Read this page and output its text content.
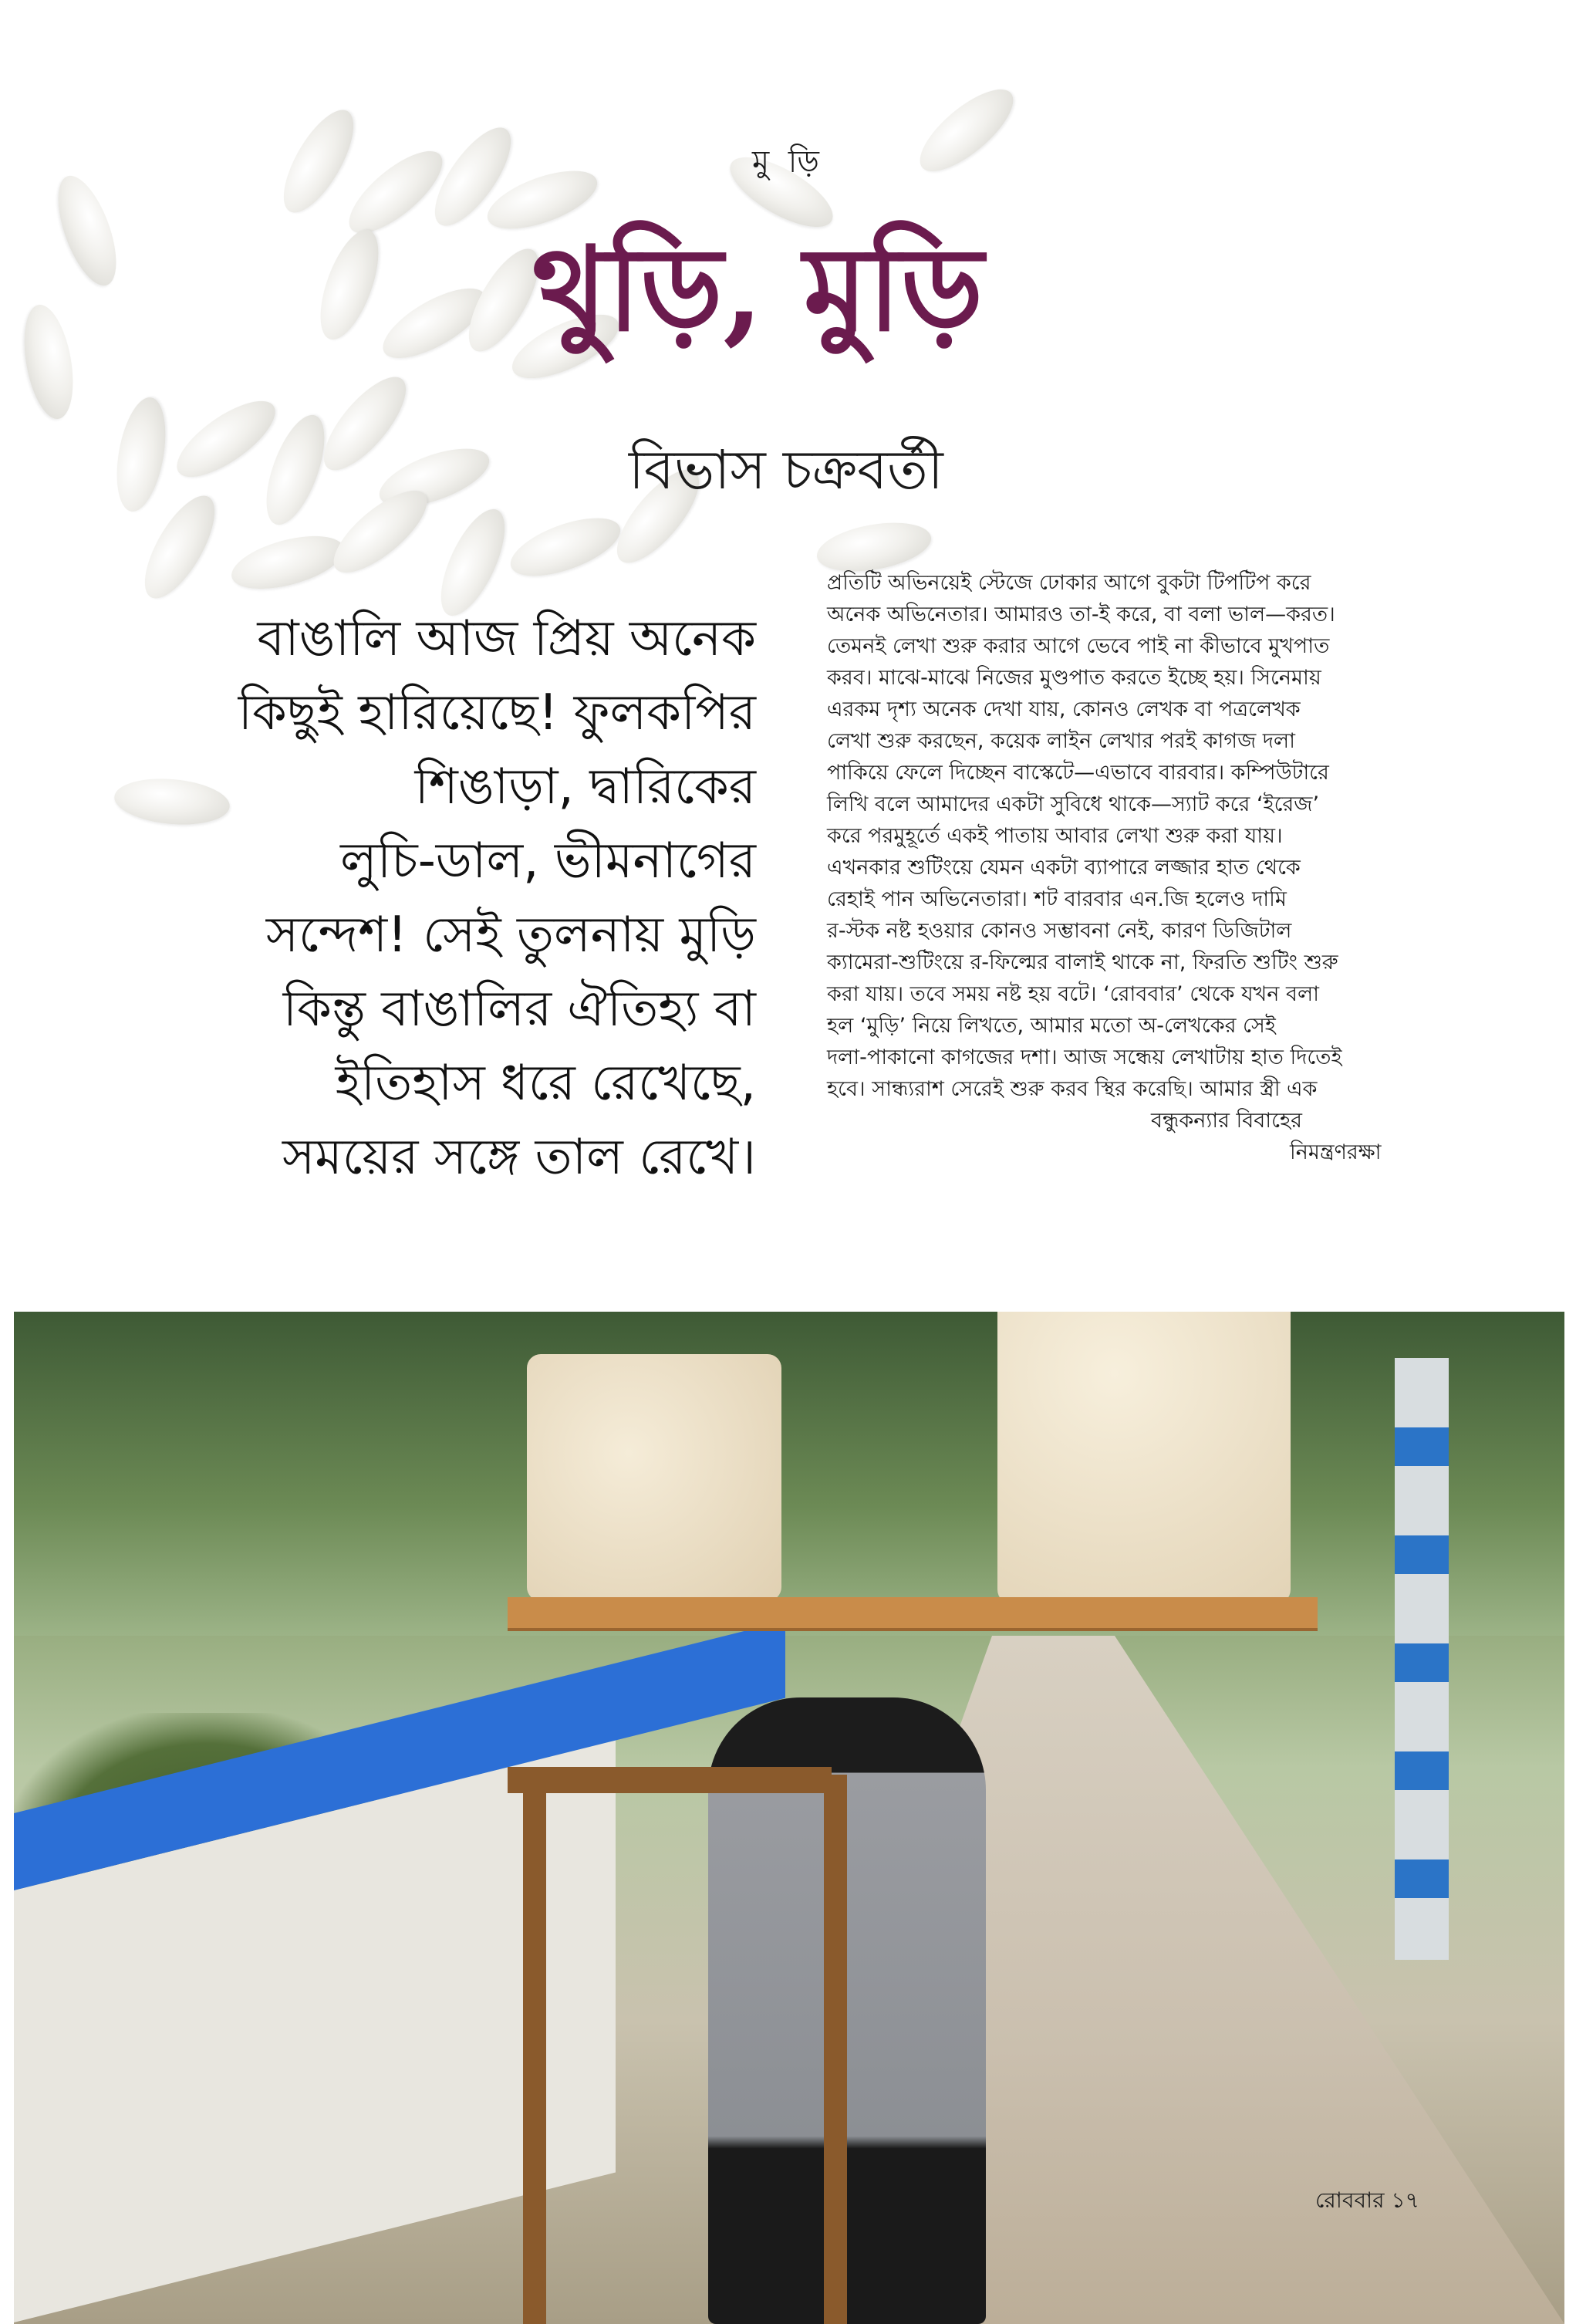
মু ড়ি
থুড়ি, মুড়ি
বিভাস চক্রবর্তী
বাঙালি আজ প্রিয় অনেক
কিছুই হারিয়েছে! ফুলকপির
শিঙাড়া, দ্বারিকের
লুচি-ডাল, ভীমনাগের
সন্দেশ! সেই তুলনায় মুড়ি
কিন্তু বাঙালির ঐতিহ্য বা
ইতিহাস ধরে রেখেছে,
সময়ের সঙ্গে তাল রেখে।
প্রতিটি অভিনয়েই স্টেজে ঢোকার আগে বুকটা টিপটিপ করে
অনেক অভিনেতার। আমারও তা-ই করে, বা বলা ভাল—করত।
তেমনই লেখা শুরু করার আগে ভেবে পাই না কীভাবে মুখপাত
করব। মাঝে-মাঝে নিজের মুণ্ডপাত করতে ইচ্ছে হয়। সিনেমায়
এরকম দৃশ্য অনেক দেখা যায়, কোনও লেখক বা পত্রলেখক
লেখা শুরু করছেন, কয়েক লাইন লেখার পরই কাগজ দলা
পাকিয়ে ফেলে দিচ্ছেন বাস্কেটে—এভাবে বারবার। কম্পিউটারে
লিখি বলে আমাদের একটা সুবিধে থাকে—স্যাট করে ‘ইরেজ’
করে পরমুহূর্তে একই পাতায় আবার লেখা শুরু করা যায়।
এখনকার শুটিংয়ে যেমন একটা ব্যাপারে লজ্জার হাত থেকে
রেহাই পান অভিনেতারা। শট বারবার এন.জি হলেও দামি
র-স্টক নষ্ট হওয়ার কোনও সম্ভাবনা নেই, কারণ ডিজিটাল
ক্যামেরা-শুটিংয়ে র-ফিল্মের বালাই থাকে না, ফিরতি শুটিং শুরু
করা যায়। তবে সময় নষ্ট হয় বটে। ‘রোববার’ থেকে যখন বলা
হল ‘মুড়ি’ নিয়ে লিখতে, আমার মতো অ-লেখকের সেই
দলা-পাকানো কাগজের দশা। আজ সন্ধেয় লেখাটায় হাত দিতেই
হবে। সান্ধ্যরাশ সেরেই শুরু করব স্থির করেছি। আমার স্ত্রী এক
বন্ধুকন্যার বিবাহের
নিমন্ত্রণরক্ষা
রোববার ১৭
